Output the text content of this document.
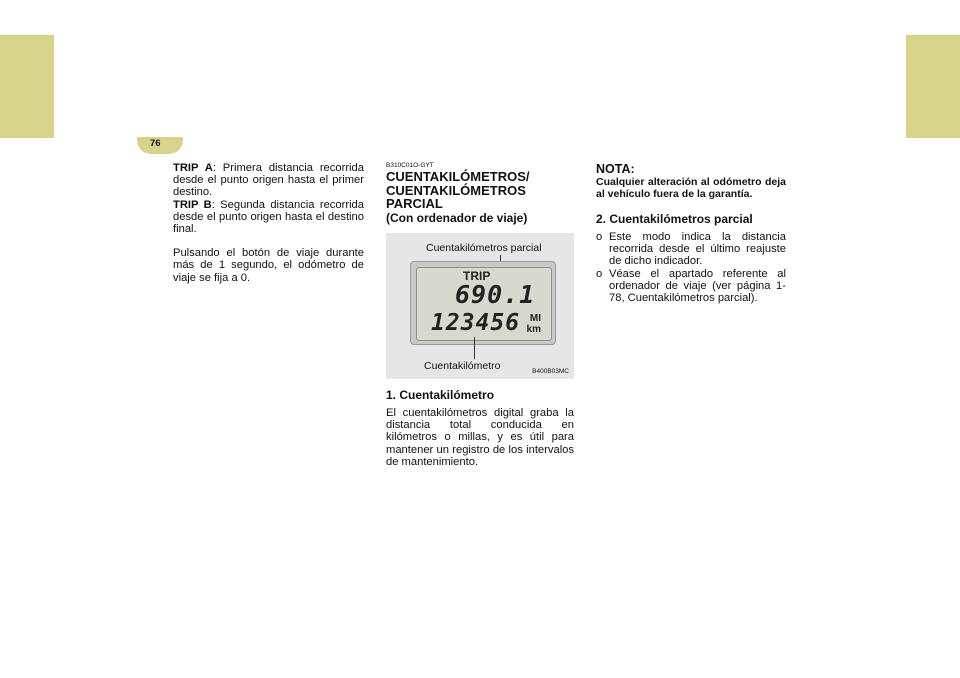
1 COMPONENTES DE SU HYUNDAI
76

TRIP A: Primera distancia recorrida desde el punto origen hasta el primer destino.

TRIP B: Segunda distancia recorrida desde el punto origen hasta el destino final.

Pulsando el botón de viaje durante más de 1 segundo, el odómetro de viaje se fija a 0.

B310C01O-GYT

CUENTAKILÓMETROS/ CUENTAKILÓMETROS PARCIAL

(Con ordenador de viaje)

Cuentakilómetros parcial
TRIP
690.1
123456 MI
km
Cuentakilómetro	B400B03MC
1. Cuentakilómetro

El cuentakilómetros digital graba la distancia total conducida en kilómetros o millas, y es útil para mantener un registro de los intervalos de mantenimiento.

NOTA:

Cualquier alteración al odómetro deja al vehículo fuera de la garantía.

2. Cuentakilómetros parcial
o Este modo indica la distancia recorrida desde el último reajuste de dicho indicador.
o Véase el apartado referente al ordenador de viaje (ver página 1-78, Cuentakilómetros parcial).
